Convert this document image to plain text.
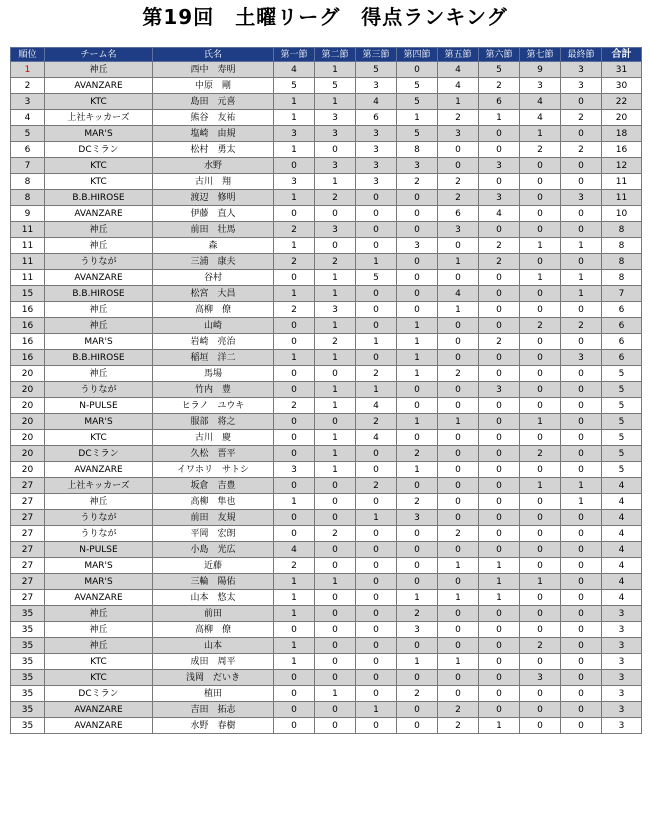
第19回　土曜リーグ　得点ランキング
順位	チーム名	氏名	第一節	第二節	第三節	第四節	第五節	第六節	第七節	最終節	合計
1	神丘	西中　寿明	4	1	5	0	4	5	9	3	31
2	AVANZARE	中原　剛	5	5	3	5	4	2	3	3	30
3	KTC	島田　元喜	1	1	4	5	1	6	4	0	22
4	上社キッカーズ	熊谷　友祐	1	3	6	1	2	1	4	2	20
5	MAR'S	塩崎　由規	3	3	3	5	3	0	1	0	18
6	DCミラン	松村　勇太	1	0	3	8	0	0	2	2	16
7	KTC	水野	0	3	3	3	0	3	0	0	12
8	KTC	古川　翔	3	1	3	2	2	0	0	0	11
8	B.B.HIROSE	渡辺　修明	1	2	0	0	2	3	0	3	11
9	AVANZARE	伊藤　直人	0	0	0	0	6	4	0	0	10
11	神丘	前田　壮馬	2	3	0	0	3	0	0	0	8
11	神丘	森	1	0	0	3	0	2	1	1	8
11	うりなが	三浦　康夫	2	2	1	0	1	2	0	0	8
11	AVANZARE	谷村	0	1	5	0	0	0	1	1	8
15	B.B.HIROSE	松宮　大昌	1	1	0	0	4	0	0	1	7
16	神丘	高柳　僚	2	3	0	0	1	0	0	0	6
16	神丘	山崎	0	1	0	1	0	0	2	2	6
16	MAR'S	岩崎　亮治	0	2	1	1	0	2	0	0	6
16	B.B.HIROSE	稲垣　洋二	1	1	0	1	0	0	0	3	6
20	神丘	馬場	0	0	2	1	2	0	0	0	5
20	うりなが	竹内　豊	0	1	1	0	0	3	0	0	5
20	N-PULSE	ヒラノ　ユウキ	2	1	4	0	0	0	0	0	5
20	MAR'S	服部　将之	0	0	2	1	1	0	1	0	5
20	KTC	古川　慶	0	1	4	0	0	0	0	0	5
20	DCミラン	久松　晋平	0	1	0	2	0	0	2	0	5
20	AVANZARE	イワホリ　サトシ	3	1	0	1	0	0	0	0	5
27	上社キッカーズ	坂倉　吉豊	0	0	2	0	0	0	1	1	4
27	神丘	高柳　隼也	1	0	0	2	0	0	0	1	4
27	うりなが	前田　友規	0	0	1	3	0	0	0	0	4
27	うりなが	平岡　宏朗	0	2	0	0	2	0	0	0	4
27	N-PULSE	小島　光広	4	0	0	0	0	0	0	0	4
27	MAR'S	近藤	2	0	0	0	1	1	0	0	4
27	MAR'S	三輪　陽佑	1	1	0	0	0	1	1	0	4
27	AVANZARE	山本　悠太	1	0	0	1	1	1	0	0	4
35	神丘	前田	1	0	0	2	0	0	0	0	3
35	神丘	高柳　僚	0	0	0	3	0	0	0	0	3
35	神丘	山本	1	0	0	0	0	0	2	0	3
35	KTC	成田　周平	1	0	0	1	1	0	0	0	3
35	KTC	浅岡　だいき	0	0	0	0	0	0	3	0	3
35	DCミラン	植田	0	1	0	2	0	0	0	0	3
35	AVANZARE	吉田　拓志	0	0	1	0	2	0	0	0	3
35	AVANZARE	水野　春樹	0	0	0	0	2	1	0	0	3
